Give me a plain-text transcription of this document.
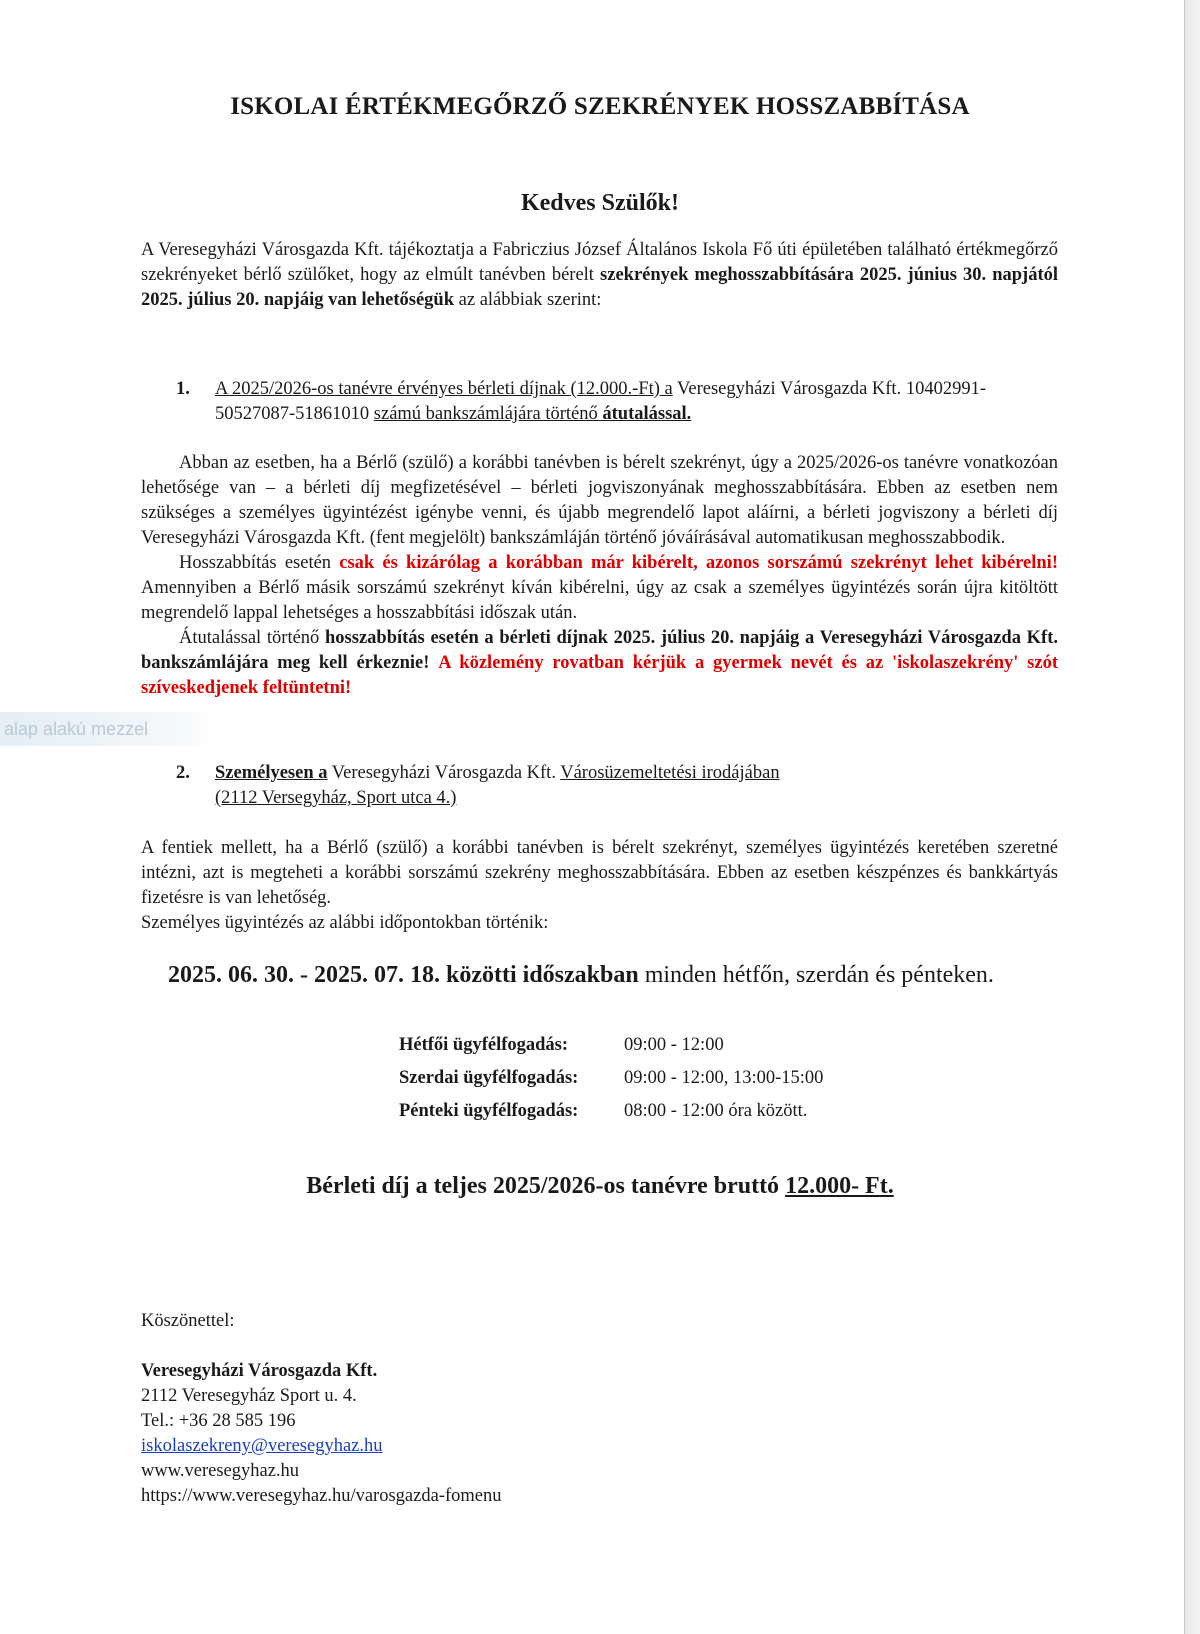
ISKOLAI ÉRTÉKMEGŐRZŐ SZEKRÉNYEK HOSSZABBÍTÁSA
Kedves Szülők!

A Veresegyházi Városgazda Kft. tájékoztatja a Fabriczius József Általános Iskola Fő úti épületében található értékmegőrző szekrényeket bérlő szülőket, hogy az elmúlt tanévben bérelt szekrények meghosszabbítására 2025. június 30. napjától 2025. július 20. napjáig van lehetőségük az alábbiak szerint:

1. A 2025/2026-os tanévre érvényes bérleti díjnak (12.000.-Ft) a Veresegyházi Városgazda Kft. 10402991-50527087-51861010 számú bankszámlájára történő átutalással.

Abban az esetben, ha a Bérlő (szülő) a korábbi tanévben is bérelt szekrényt, úgy a 2025/2026-os tanévre vonatkozóan lehetősége van – a bérleti díj megfizetésével – bérleti jogviszonyának meghosszabbítására. Ebben az esetben nem szükséges a személyes ügyintézést igénybe venni, és újabb megrendelő lapot aláírni, a bérleti jogviszony a bérleti díj Veresegyházi Városgazda Kft. (fent megjelölt) bankszámláján történő jóváírásával automatikusan meghosszabbodik.

Hosszabbítás esetén csak és kizárólag a korábban már kibérelt, azonos sorszámú szekrényt lehet kibérelni! Amennyiben a Bérlő másik sorszámú szekrényt kíván kibérelni, úgy az csak a személyes ügyintézés során újra kitöltött megrendelő lappal lehetséges a hosszabbítási időszak után.

Átutalással történő hosszabbítás esetén a bérleti díjnak 2025. július 20. napjáig a Veresegyházi Városgazda Kft. bankszámlájára meg kell érkeznie! A közlemény rovatban kérjük a gyermek nevét és az 'iskolaszekrény' szót szíveskedjenek feltüntetni!

2. Személyesen a Veresegyházi Városgazda Kft. Városüzemeltetési irodájában
(2112 Versegyház, Sport utca 4.)

A fentiek mellett, ha a Bérlő (szülő) a korábbi tanévben is bérelt szekrényt, személyes ügyintézés keretében szeretné intézni, azt is megteheti a korábbi sorszámú szekrény meghosszabbítására. Ebben az esetben készpénzes és bankkártyás fizetésre is van lehetőség.

Személyes ügyintézés az alábbi időpontokban történik:

2025. 06. 30. - 2025. 07. 18. közötti időszakban minden hétfőn, szerdán és pénteken.
Hétfői ügyfélfogadás:	09:00 - 12:00
Szerdai ügyfélfogadás:	09:00 - 12:00, 13:00-15:00
Pénteki ügyfélfogadás:	08:00 - 12:00 óra között.
Bérleti díj a teljes 2025/2026-os tanévre bruttó 12.000- Ft.
Köszönettel:
Veresegyházi Városgazda Kft.
2112 Veresegyház Sport u. 4.
Tel.: +36 28 585 196
iskolaszekreny@veresegyhaz.hu
www.veresegyhaz.hu
https://www.veresegyhaz.hu/varosgazda-fomenu
alap alakú mezzel
